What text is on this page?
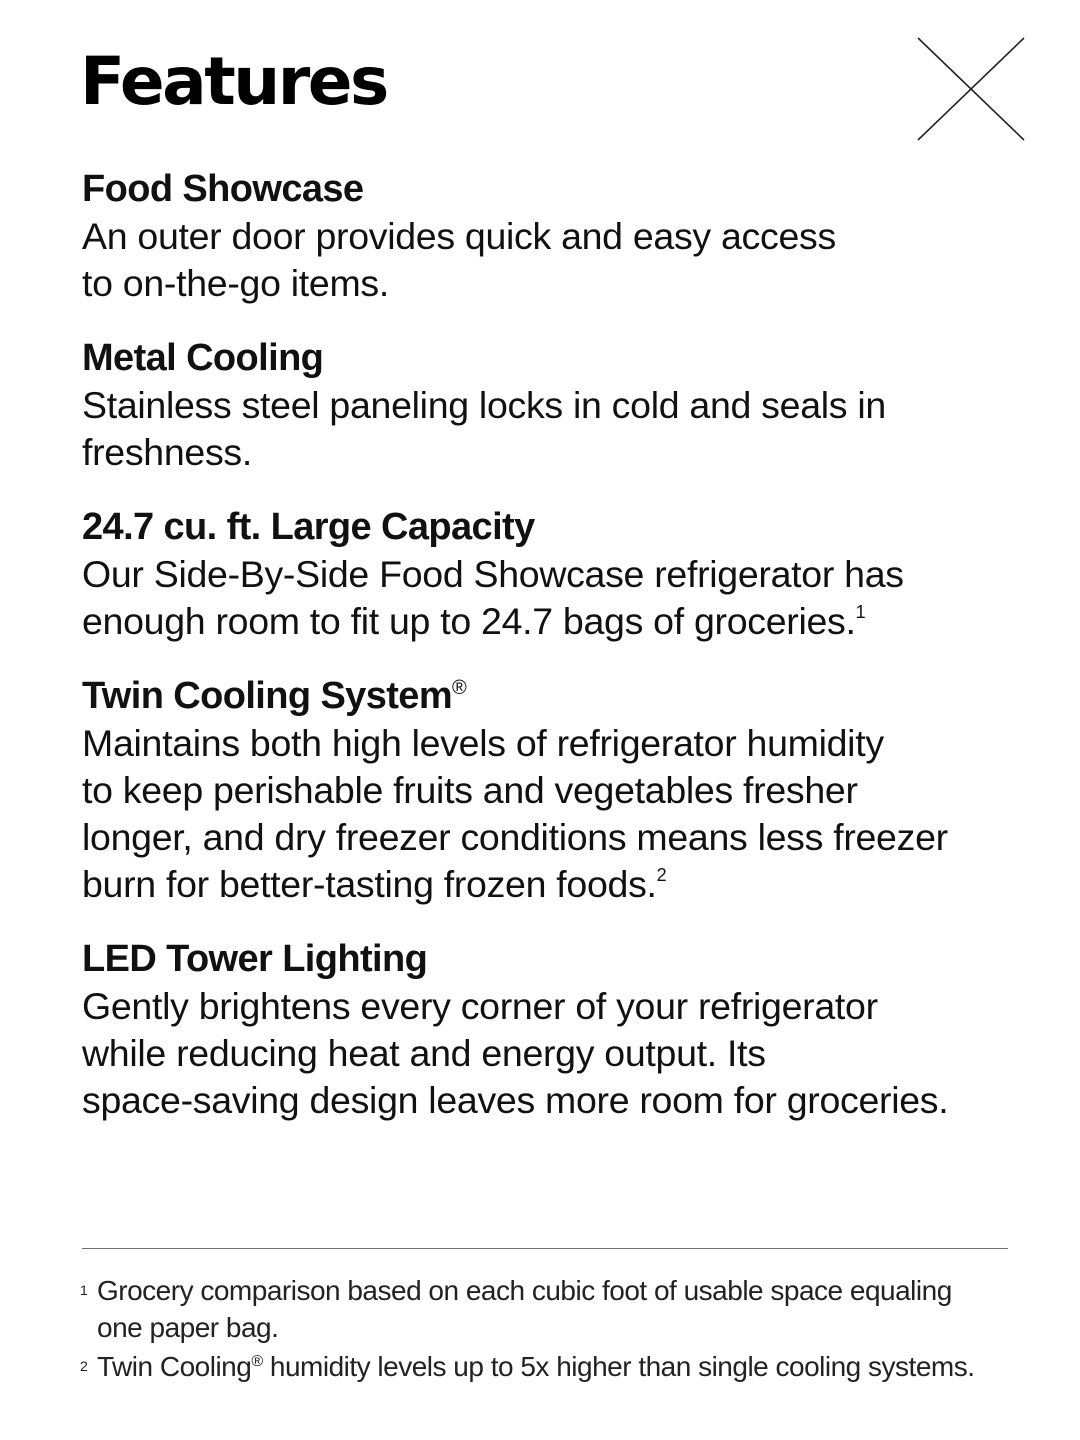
Features

Food Showcase

An outer door provides quick and easy access
to on-the-go items.

Metal Cooling

Stainless steel paneling locks in cold and seals in
freshness.

24.7 cu. ft. Large Capacity

Our Side-By-Side Food Showcase refrigerator has
enough room to fit up to 24.7 bags of groceries.$^1$

Twin Cooling System®

Maintains both high levels of refrigerator humidity
to keep perishable fruits and vegetables fresher
longer, and dry freezer conditions means less freezer
burn for better-tasting frozen foods.$^2$

LED Tower Lighting

Gently brightens every corner of your refrigerator
while reducing heat and energy output. Its
space-saving design leaves more room for groceries.

1 Grocery comparison based on each cubic foot of usable space equaling
one paper bag.
2 Twin Cooling® humidity levels up to 5x higher than single cooling systems.
